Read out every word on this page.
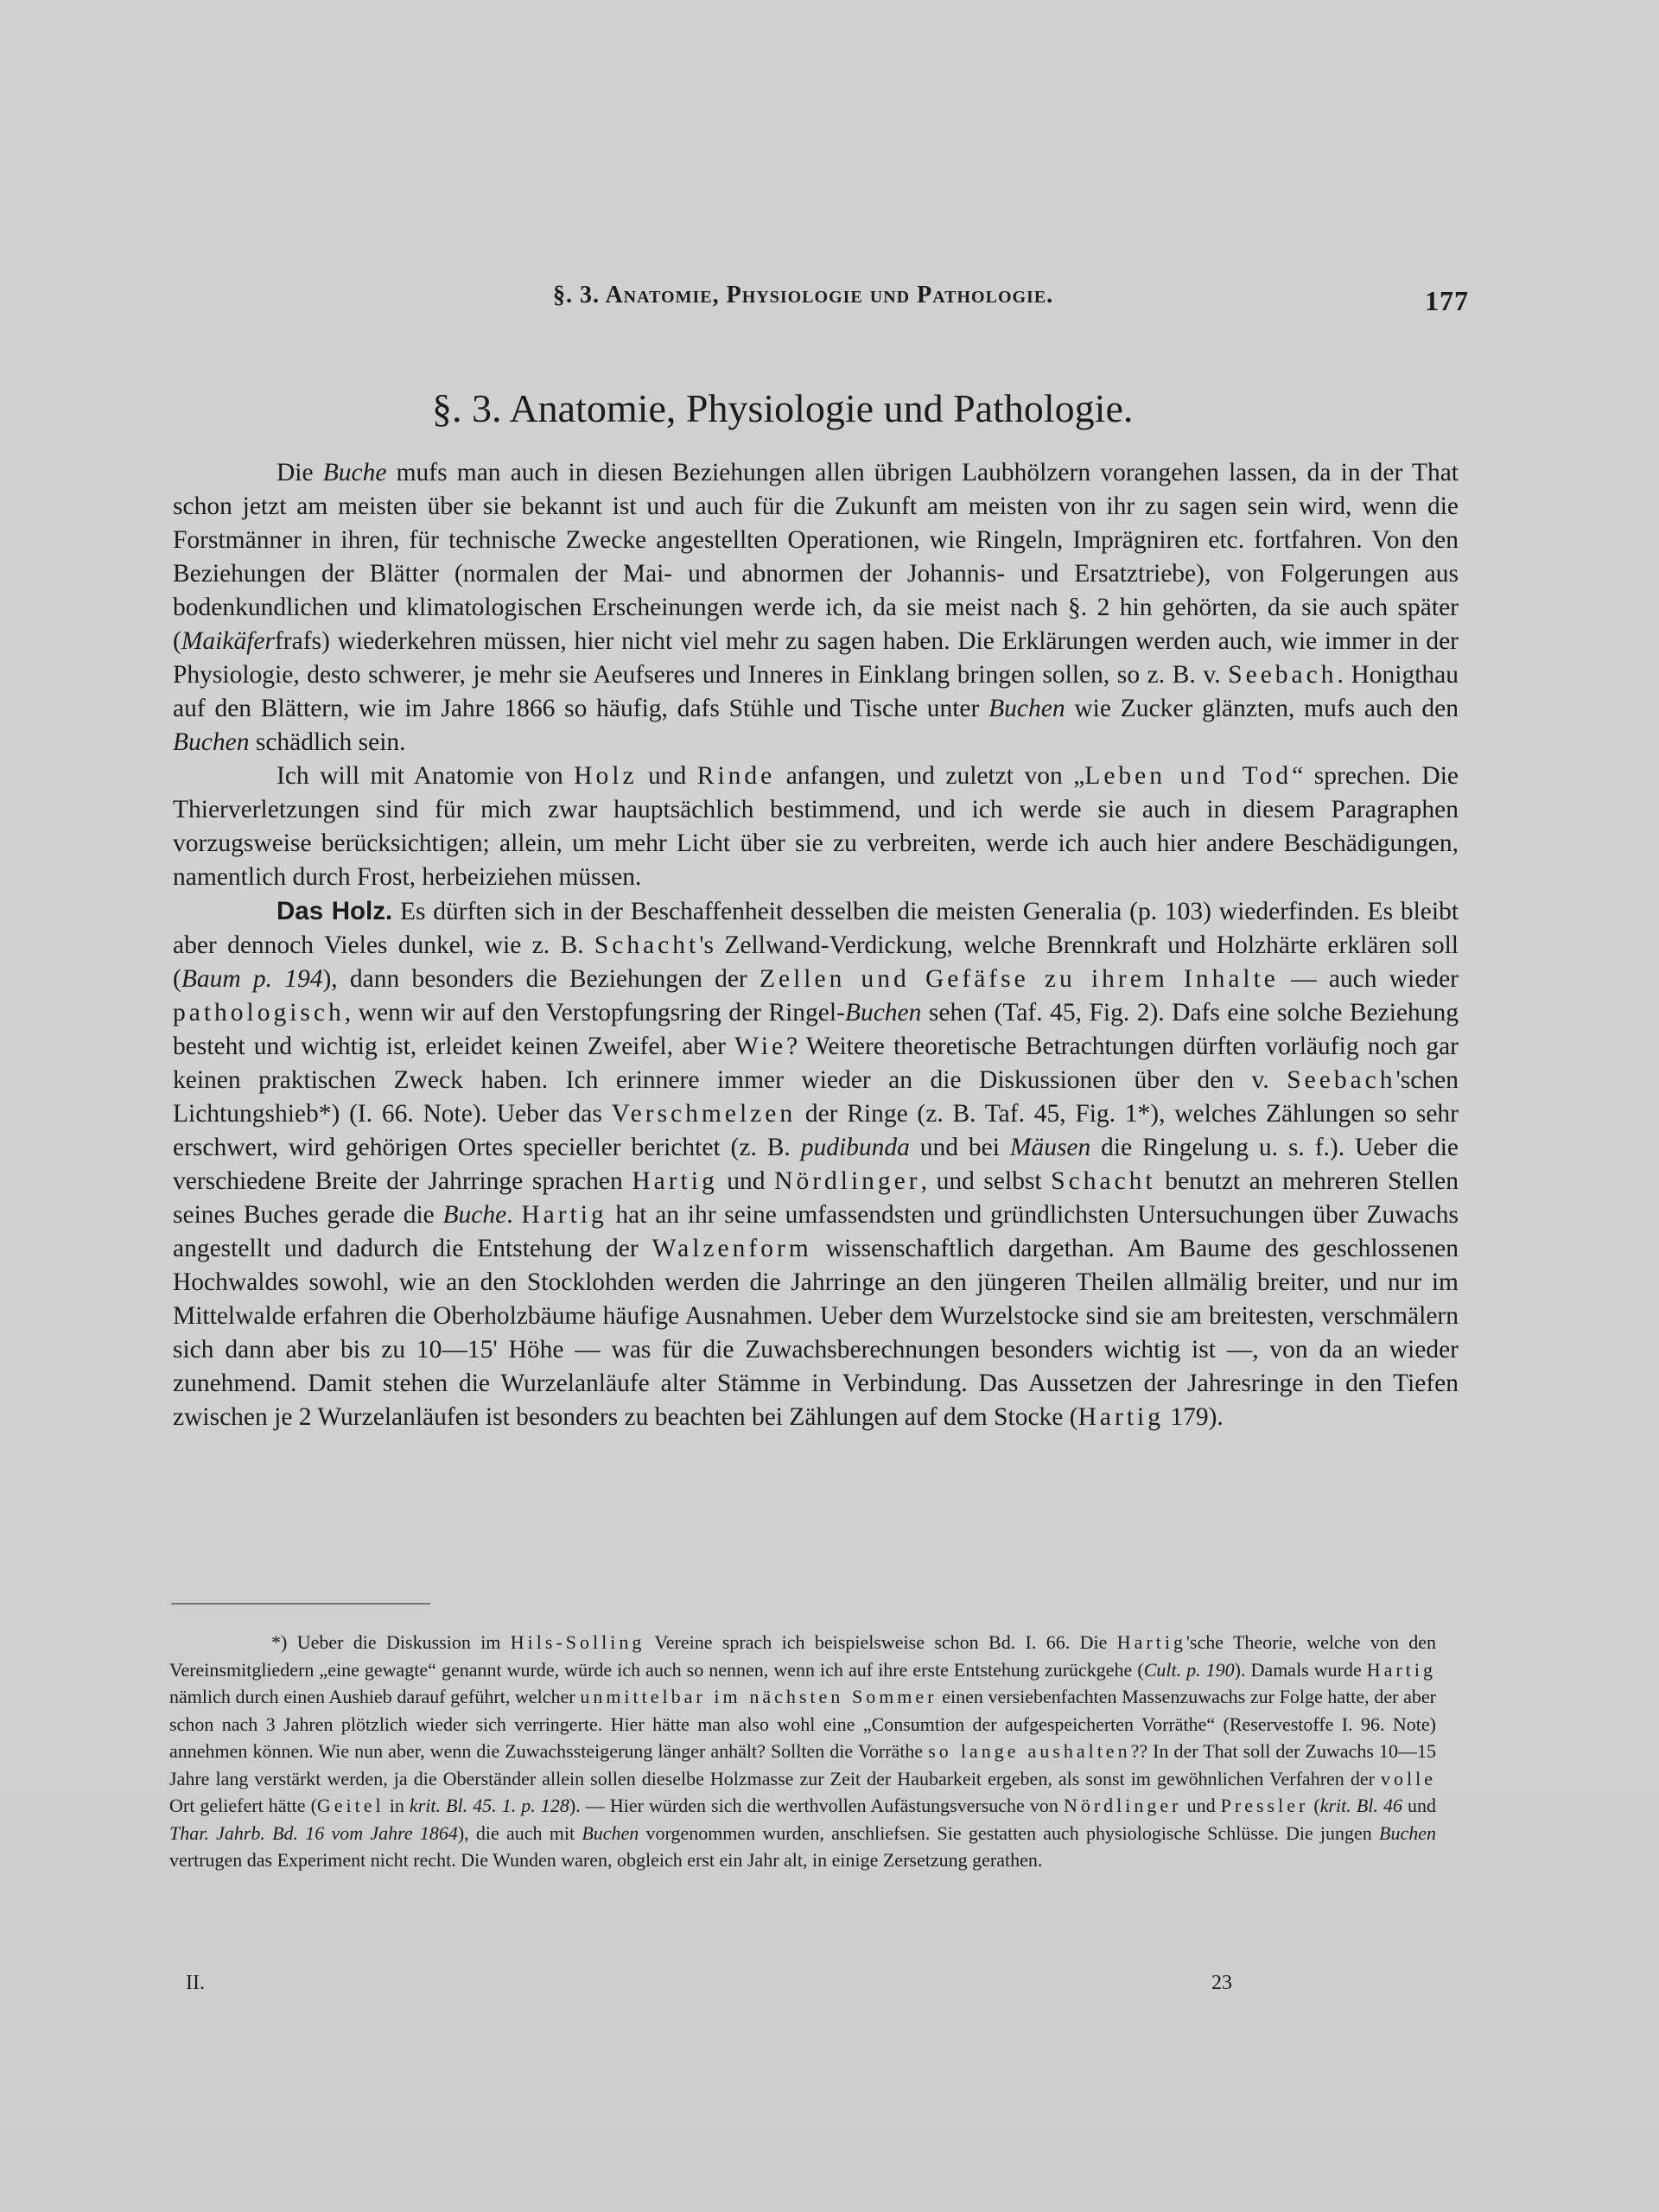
§. 3. Anatomie, Physiologie und Pathologie.	177
§. 3. Anatomie, Physiologie und Pathologie.

Die Buche mufs man auch in diesen Beziehungen allen übrigen Laubhölzern vorangehen lassen, da in der That schon jetzt am meisten über sie bekannt ist und auch für die Zukunft am meisten von ihr zu sagen sein wird, wenn die Forstmänner in ihren, für technische Zwecke angestellten Operationen, wie Ringeln, Imprägniren etc. fortfahren. Von den Beziehungen der Blätter (normalen der Mai- und abnormen der Johannis- und Ersatztriebe), von Folgerungen aus bodenkundlichen und klimatologischen Erscheinungen werde ich, da sie meist nach §. 2 hin gehörten, da sie auch später (Maikäferfrafs) wiederkehren müssen, hier nicht viel mehr zu sagen haben. Die Erklärungen werden auch, wie immer in der Physiologie, desto schwerer, je mehr sie Aeufseres und Inneres in Einklang bringen sollen, so z. B. v. Seebach. Honigthau auf den Blättern, wie im Jahre 1866 so häufig, dafs Stühle und Tische unter Buchen wie Zucker glänzten, mufs auch den Buchen schädlich sein.

Ich will mit Anatomie von Holz und Rinde anfangen, und zuletzt von „Leben und Tod“ sprechen. Die Thierverletzungen sind für mich zwar hauptsächlich bestimmend, und ich werde sie auch in diesem Paragraphen vorzugsweise berücksichtigen; allein, um mehr Licht über sie zu verbreiten, werde ich auch hier andere Beschädigungen, namentlich durch Frost, herbeiziehen müssen.

Das Holz. Es dürften sich in der Beschaffenheit desselben die meisten Generalia (p. 103) wiederfinden. Es bleibt aber dennoch Vieles dunkel, wie z. B. Schacht's Zellwand-Verdickung, welche Brennkraft und Holzhärte erklären soll (Baum p. 194), dann besonders die Beziehungen der Zellen und Gefäfse zu ihrem Inhalte — auch wieder pathologisch, wenn wir auf den Verstopfungsring der Ringel-Buchen sehen (Taf. 45, Fig. 2). Dafs eine solche Beziehung besteht und wichtig ist, erleidet keinen Zweifel, aber Wie? Weitere theoretische Betrachtungen dürften vorläufig noch gar keinen praktischen Zweck haben. Ich erinnere immer wieder an die Diskussionen über den v. Seebach'schen Lichtungshieb*) (I. 66. Note). Ueber das Verschmelzen der Ringe (z. B. Taf. 45, Fig. 1*), welches Zählungen so sehr erschwert, wird gehörigen Ortes specieller berichtet (z. B. pudibunda und bei Mäusen die Ringelung u. s. f.). Ueber die verschiedene Breite der Jahrringe sprachen Hartig und Nördlinger, und selbst Schacht benutzt an mehreren Stellen seines Buches gerade die Buche. Hartig hat an ihr seine umfassendsten und gründlichsten Untersuchungen über Zuwachs angestellt und dadurch die Entstehung der Walzenform wissenschaftlich dargethan. Am Baume des geschlossenen Hochwaldes sowohl, wie an den Stocklohden werden die Jahrringe an den jüngeren Theilen allmälig breiter, und nur im Mittelwalde erfahren die Oberholzbäume häufige Ausnahmen. Ueber dem Wurzelstocke sind sie am breitesten, verschmälern sich dann aber bis zu 10—15' Höhe — was für die Zuwachsberechnungen besonders wichtig ist —, von da an wieder zunehmend. Damit stehen die Wurzelanläufe alter Stämme in Verbindung. Das Aussetzen der Jahresringe in den Tiefen zwischen je 2 Wurzelanläufen ist besonders zu beachten bei Zählungen auf dem Stocke (Hartig 179).

*) Ueber die Diskussion im Hils-Solling Vereine sprach ich beispielsweise schon Bd. I. 66. Die Hartig'sche Theorie, welche von den Vereinsmitgliedern „eine gewagte“ genannt wurde, würde ich auch so nennen, wenn ich auf ihre erste Entstehung zurückgehe (Cult. p. 190). Damals wurde Hartig nämlich durch einen Aushieb darauf geführt, welcher unmittelbar im nächsten Sommer einen versiebenfachten Massenzuwachs zur Folge hatte, der aber schon nach 3 Jahren plötzlich wieder sich verringerte. Hier hätte man also wohl eine „Consumtion der aufgespeicherten Vorräthe“ (Reservestoffe I. 96. Note) annehmen können. Wie nun aber, wenn die Zuwachssteigerung länger anhält? Sollten die Vorräthe so lange aushalten?? In der That soll der Zuwachs 10—15 Jahre lang verstärkt werden, ja die Oberständer allein sollen dieselbe Holzmasse zur Zeit der Haubarkeit ergeben, als sonst im gewöhnlichen Verfahren der volle Ort geliefert hätte (Geitel in krit. Bl. 45. 1. p. 128). — Hier würden sich die werthvollen Aufästungsversuche von Nördlinger und Pressler (krit. Bl. 46 und Thar. Jahrb. Bd. 16 vom Jahre 1864), die auch mit Buchen vorgenommen wurden, anschliefsen. Sie gestatten auch physiologische Schlüsse. Die jungen Buchen vertrugen das Experiment nicht recht. Die Wunden waren, obgleich erst ein Jahr alt, in einige Zersetzung gerathen.

II.	23
